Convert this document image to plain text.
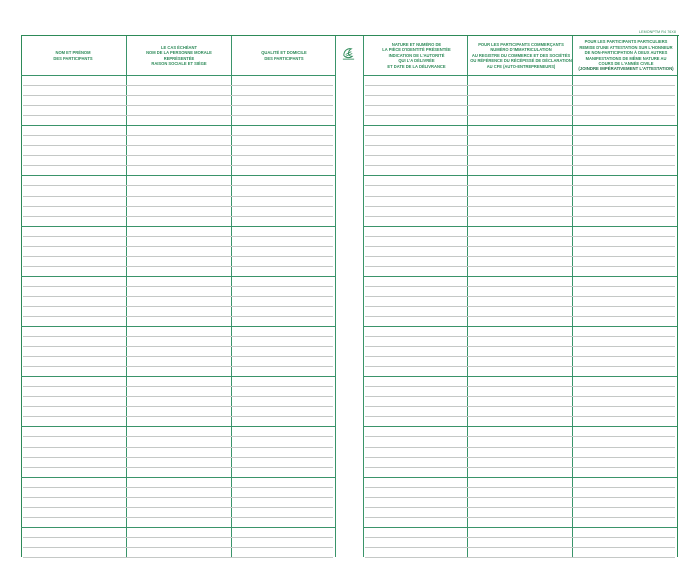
LEMONPTM R4 76X8
NOM ET PRÉNOM
DES PARTICIPANTS
LE CAS ÉCHÉANT
NOM DE LA PERSONNE MORALE
REPRÉSENTÉE
RAISON SOCIALE ET SIÈGE
QUALITÉ ET DOMICILE
DES PARTICIPANTS
NATURE ET NUMÉRO DE
LA PIÈCE D'IDENTITÉ PRÉSENTÉE
INDICATION DE L'AUTORITÉ
QUI L'A DÉLIVRÉE
ET DATE DE LA DÉLIVRANCE
POUR LES PARTICIPANTS COMMERÇANTS
NUMÉRO D'IMMATRICULATION
AU REGISTRE DU COMMERCE ET DES SOCIÉTÉS
OU RÉFÉRENCE DU RÉCÉPISSÉ DE DÉCLARATION
AU CFE (AUTO-ENTREPRENEURS)
POUR LES PARTICIPANTS PARTICULIERS
REMISE D'UNE ATTESTATION SUR L'HONNEUR
DE NON-PARTICIPATION À DEUX AUTRES
MANIFESTATIONS DE MÊME NATURE AU
COURS DE L'ANNÉE CIVILE
(JOINDRE IMPÉRATIVEMENT L'ATTESTATION)
